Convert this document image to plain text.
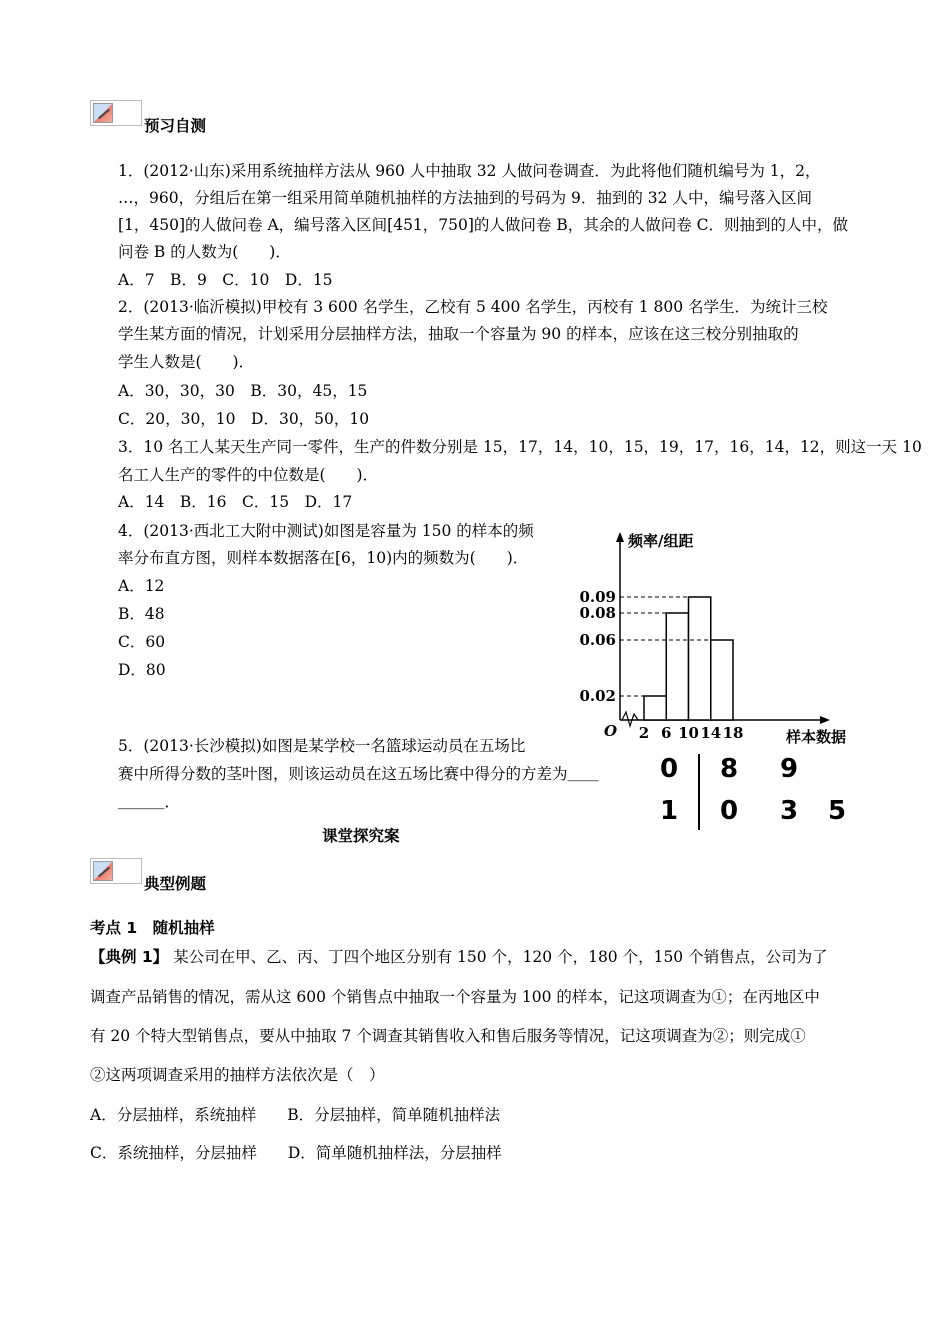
预习自测
1．(2012·山东)采用系统抽样方法从 960 人中抽取 32 人做问卷调查．为此将他们随机编号为 1，2，
…，960，分组后在第一组采用简单随机抽样的方法抽到的号码为 9．抽到的 32 人中，编号落入区间
[1，450]的人做问卷 A，编号落入区间[451，750]的人做问卷 B，其余的人做问卷 C．则抽到的人中，做
问卷 B 的人数为(　　)．
A．7　B．9　C．10　D．15
2．(2013·临沂模拟)甲校有 3 600 名学生，乙校有 5 400 名学生，丙校有 1 800 名学生．为统计三校
学生某方面的情况，计划采用分层抽样方法，抽取一个容量为 90 的样本，应该在这三校分别抽取的
学生人数是(　　)．
A．30，30，30　B．30，45，15
C．20，30，10　D．30，50，10
3．10 名工人某天生产同一零件，生产的件数分别是 15，17，14，10，15，19，17，16，14，12，则这一天 10
名工人生产的零件的中位数是(　　)．
A．14　B．16　C．15　D．17
4．(2013·西北工大附中测试)如图是容量为 150 的样本的频
率分布直方图，则样本数据落在[6，10)内的频数为(　　)．
A．12
B．48
C．60
D．80
频率/组距
样本数据
O
0.02
0.06
0.08
0.09
2 6 10 14 18
5．(2013·长沙模拟)如图是某学校一名篮球运动员在五场比
赛中所得分数的茎叶图，则该运动员在这五场比赛中得分的方差为＿＿
＿＿＿．
0 8 9
1 0 3 5
课堂探究案
典型例题
考点 1　随机抽样
【典例 1】 某公司在甲、乙、丙、丁四个地区分别有 150 个，120 个，180 个，150 个销售点，公司为了
调查产品销售的情况，需从这 600 个销售点中抽取一个容量为 100 的样本，记这项调查为①；在丙地区中
有 20 个特大型销售点，要从中抽取 7 个调查其销售收入和售后服务等情况，记这项调查为②；则完成①
②这两项调查采用的抽样方法依次是（　）
A．分层抽样，系统抽样　　B．分层抽样，简单随机抽样法
C．系统抽样，分层抽样　　D．简单随机抽样法，分层抽样
